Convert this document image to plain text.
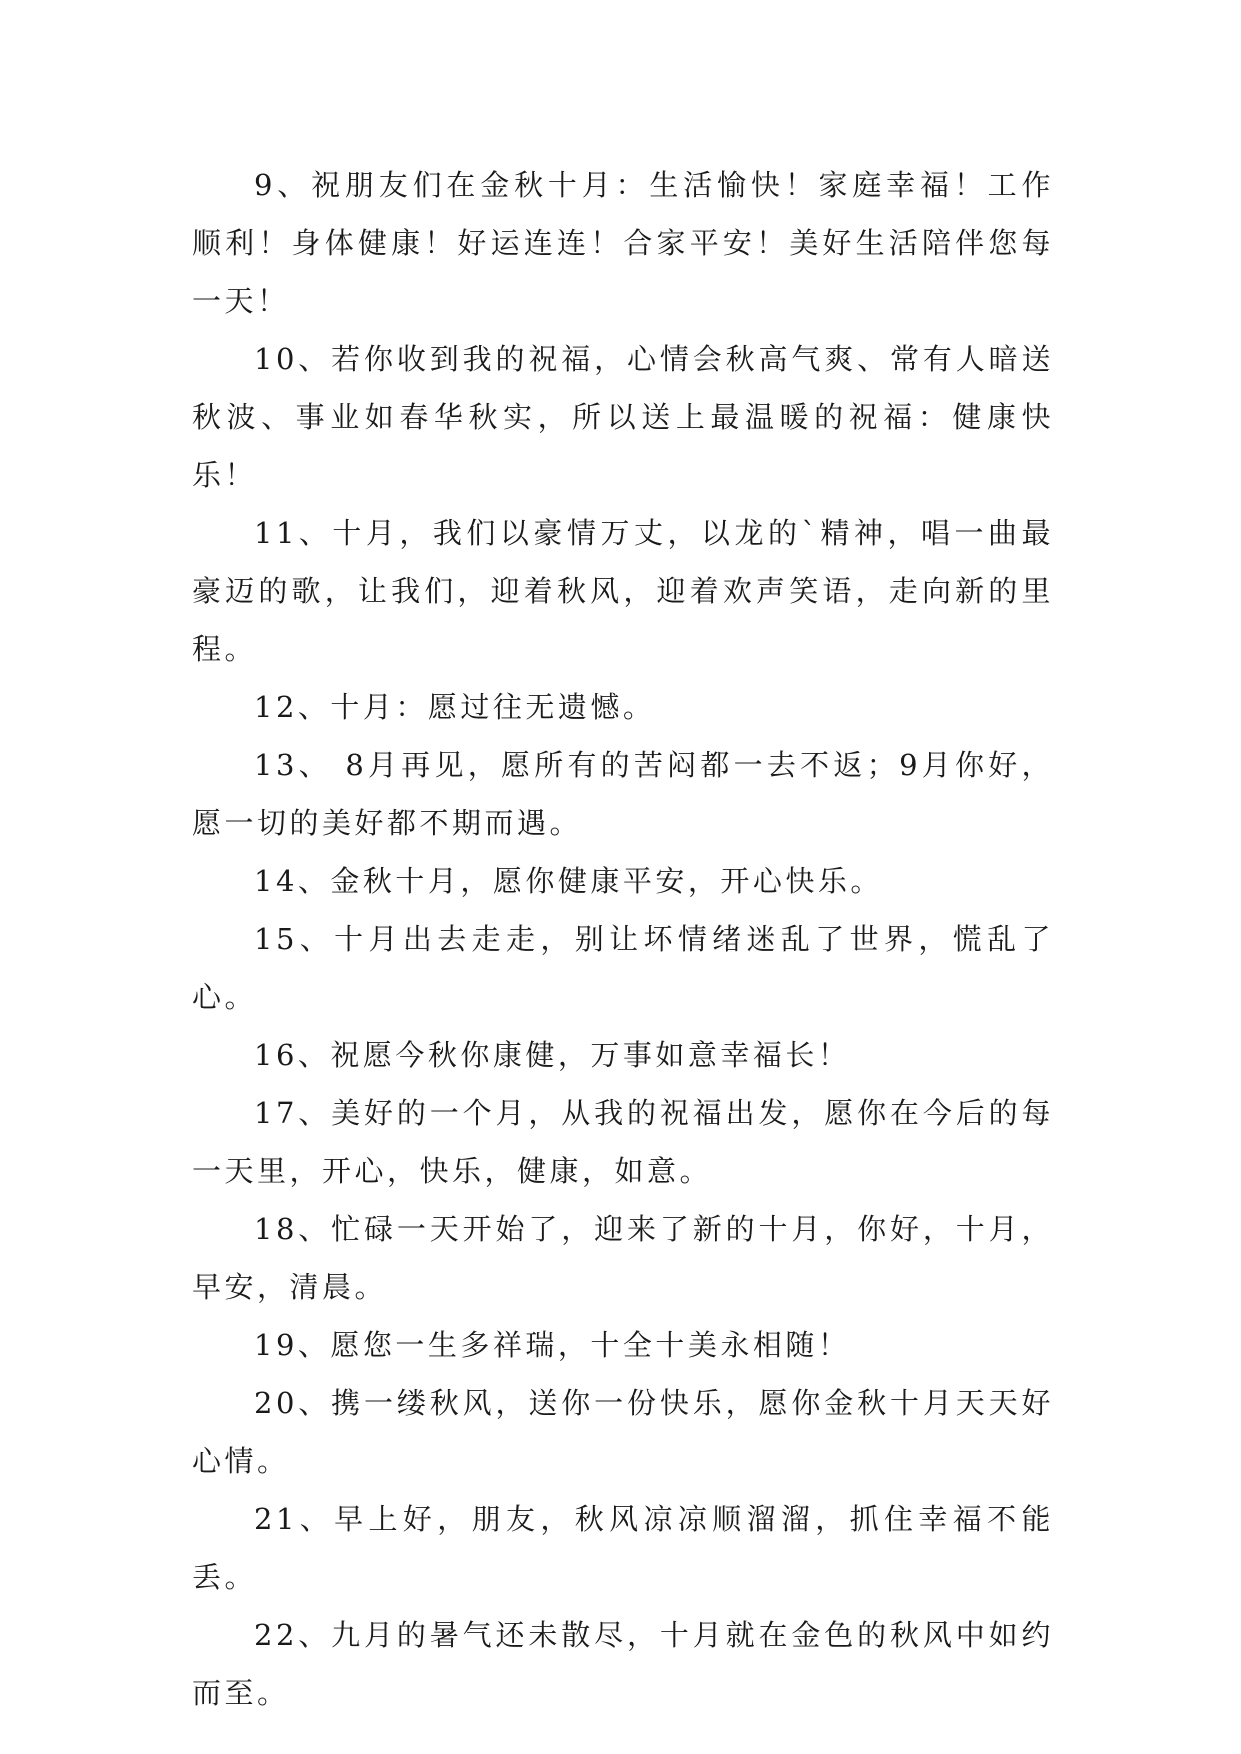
9、祝朋友们在金秋十月：生活愉快！家庭幸福！工作顺利！身体健康！好运连连！合家平安！美好生活陪伴您每一天！

10、若你收到我的祝福，心情会秋高气爽、常有人暗送秋波、事业如春华秋实，所以送上最温暖的祝福：健康快乐！

11、十月，我们以豪情万丈，以龙的`精神，唱一曲最豪迈的歌，让我们，迎着秋风，迎着欢声笑语，走向新的里程。

12、十月：愿过往无遗憾。

13、 8月再见，愿所有的苦闷都一去不返；9月你好，愿一切的美好都不期而遇。

14、金秋十月，愿你健康平安，开心快乐。

15、十月出去走走，别让坏情绪迷乱了世界，慌乱了心。

16、祝愿今秋你康健，万事如意幸福长！

17、美好的一个月，从我的祝福出发，愿你在今后的每一天里，开心，快乐，健康，如意。

18、忙碌一天开始了，迎来了新的十月，你好，十月，早安，清晨。

19、愿您一生多祥瑞，十全十美永相随！

20、携一缕秋风，送你一份快乐，愿你金秋十月天天好心情。

21、早上好，朋友，秋风凉凉顺溜溜，抓住幸福不能丢。

22、九月的暑气还未散尽，十月就在金色的秋风中如约而至。
